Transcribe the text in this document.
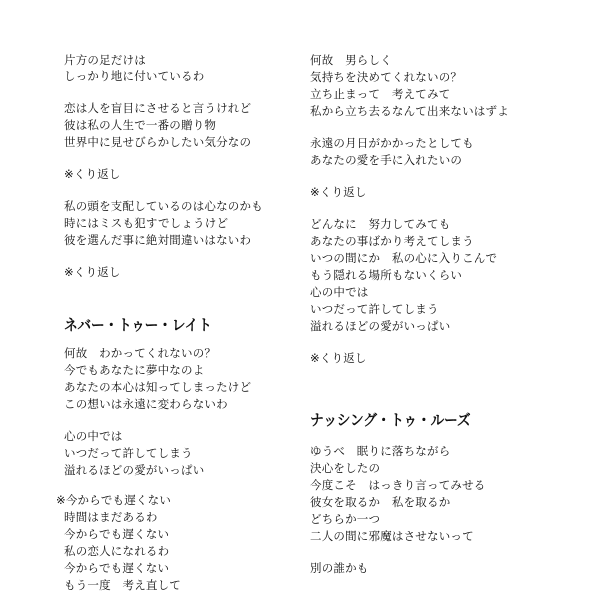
片方の足だけは
しっかり地に付いているわ
恋は人を盲目にさせると言うけれど
彼は私の人生で一番の贈り物
世界中に見せびらかしたい気分なの
※くり返し
私の頭を支配しているのは心なのかも
時にはミスも犯すでしょうけど
彼を選んだ事に絶対間違いはないわ
※くり返し
ネバー・トゥー・レイト
何故　わかってくれないの？
今でもあなたに夢中なのよ
あなたの本心は知ってしまったけど
この想いは永遠に変わらないわ
心の中では
いつだって許してしまう
溢れるほどの愛がいっぱい
※今からでも遅くない
時間はまだあるわ
今からでも遅くない
私の恋人になれるわ
今からでも遅くない
もう一度　考え直して
何故　男らしく
気持ちを決めてくれないの？
立ち止まって　考えてみて
私から立ち去るなんて出来ないはずよ
永遠の月日がかかったとしても
あなたの愛を手に入れたいの
※くり返し
どんなに　努力してみても
あなたの事ばかり考えてしまう
いつの間にか　私の心に入りこんで
もう隠れる場所もないくらい
心の中では
いつだって許してしまう
溢れるほどの愛がいっぱい
※くり返し
ナッシング・トゥ・ルーズ
ゆうべ　眠りに落ちながら
決心をしたの
今度こそ　はっきり言ってみせる
彼女を取るか　私を取るか
どちらか一つ
二人の間に邪魔はさせないって
別の誰かも
